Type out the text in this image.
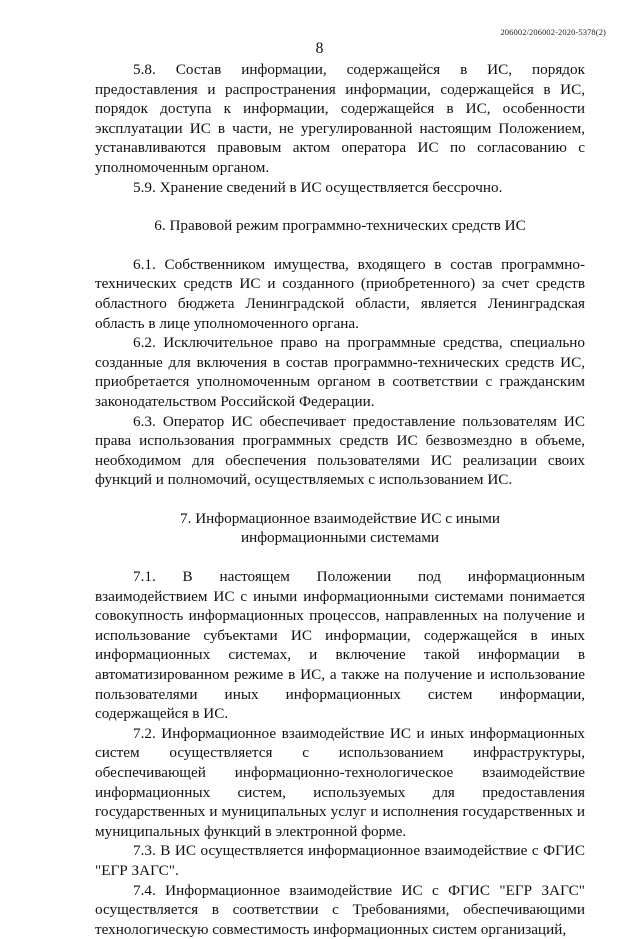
206002/206002-2020-5378(2)
8

5.8. Состав информации, содержащейся в ИС, порядок предоставления и распространения информации, содержащейся в ИС, порядок доступа к информации, содержащейся в ИС, особенности эксплуатации ИС в части, не урегулированной настоящим Положением, устанавливаются правовым актом оператора ИС по согласованию с уполномоченным органом.

5.9. Хранение сведений в ИС осуществляется бессрочно.

6. Правовой режим программно-технических средств ИС

6.1. Собственником имущества, входящего в состав программно-технических средств ИС и созданного (приобретенного) за счет средств областного бюджета Ленинградской области, является Ленинградская область в лице уполномоченного органа.

6.2. Исключительное право на программные средства, специально созданные для включения в состав программно-технических средств ИС, приобретается уполномоченным органом в соответствии с гражданским законодательством Российской Федерации.

6.3. Оператор ИС обеспечивает предоставление пользователям ИС права использования программных средств ИС безвозмездно в объеме, необходимом для обеспечения пользователями ИС реализации своих функций и полномочий, осуществляемых с использованием ИС.

7. Информационное взаимодействие ИС с иными

информационными системами

7.1. В настоящем Положении под информационным взаимодействием ИС с иными информационными системами понимается совокупность информационных процессов, направленных на получение и использование субъектами ИС информации, содержащейся в иных информационных системах, и включение такой информации в автоматизированном режиме в ИС, а также на получение и использование пользователями иных информационных систем информации, содержащейся в ИС.

7.2. Информационное взаимодействие ИС и иных информационных систем осуществляется с использованием инфраструктуры, обеспечивающей информационно-технологическое взаимодействие информационных систем, используемых для предоставления государственных и муниципальных услуг и исполнения государственных и муниципальных функций в электронной форме.

7.3. В ИС осуществляется информационное взаимодействие с ФГИС "ЕГР ЗАГС".

7.4. Информационное взаимодействие ИС с ФГИС "ЕГР ЗАГС" осуществляется в соответствии с Требованиями, обеспечивающими технологическую совместимость информационных систем организаций,
